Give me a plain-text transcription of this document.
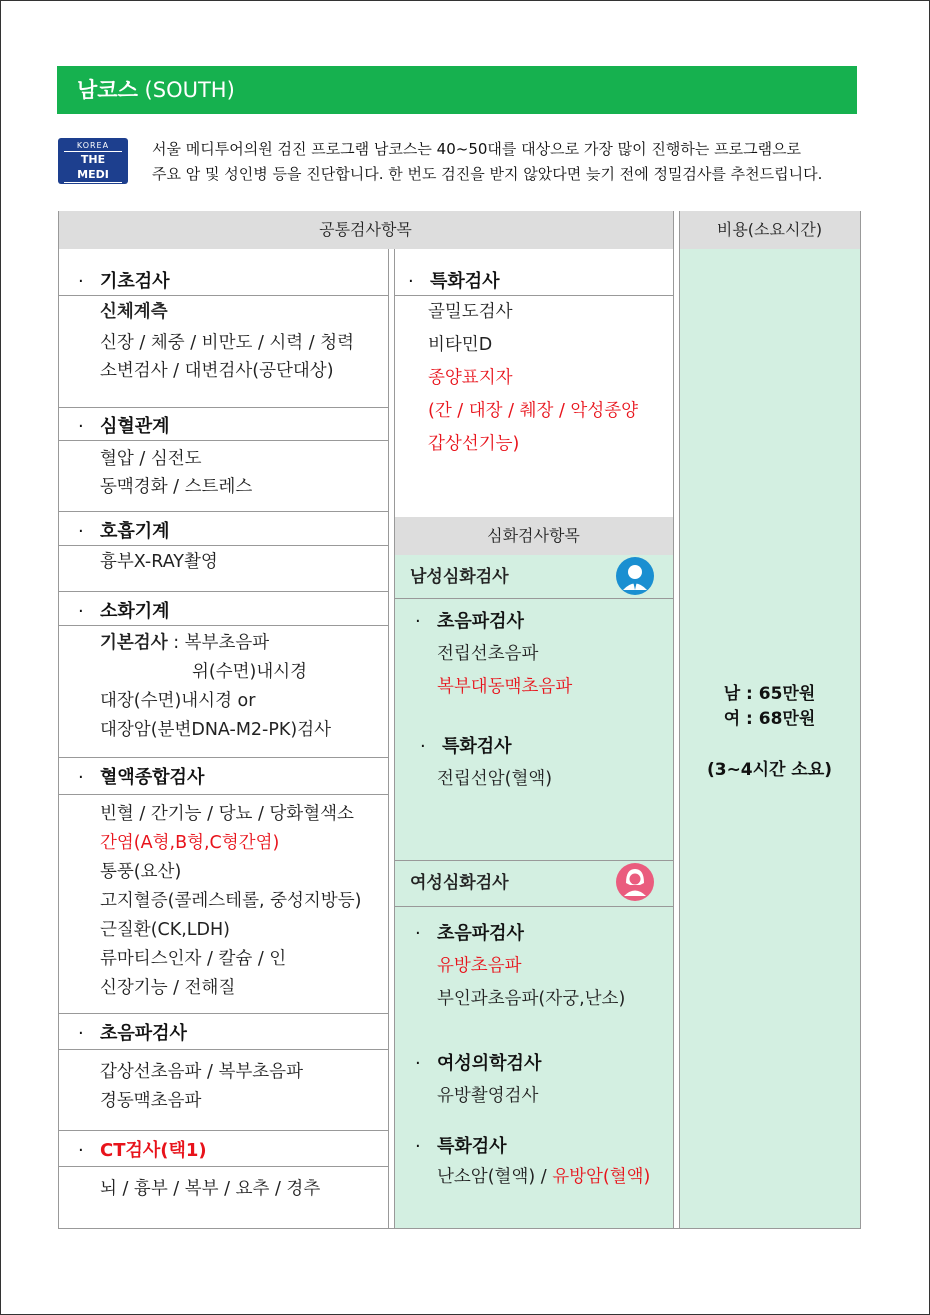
남코스 (SOUTH)
KOREA
THE MEDI
TOUR
서울 메디투어의원 검진 프로그램 남코스는 40~50대를 대상으로 가장 많이 진행하는 프로그램으로
주요 암 및 성인병 등을 진단합니다. 한 번도 검진을 받지 않았다면 늦기 전에 정밀검사를 추천드립니다.
공통검사항목	비용(소요시간)
심화검사항목
· 기초검사
신체계측
신장 / 체중 / 비만도 / 시력 / 청력
소변검사 / 대변검사(공단대상)
· 심혈관계
혈압 / 심전도
동맥경화 / 스트레스
· 호흡기계
흉부X-RAY촬영
· 소화기계
기본검사 : 복부초음파
위(수면)내시경
대장(수면)내시경 or
대장암(분변DNA-M2-PK)검사
· 혈액종합검사
빈혈 / 간기능 / 당뇨 / 당화혈색소
간염(A형,B형,C형간염)
통풍(요산)
고지혈증(콜레스테롤, 중성지방등)
근질환(CK,LDH)
류마티스인자 / 칼슘 / 인
신장기능 / 전해질
· 초음파검사
갑상선초음파 / 복부초음파
경동맥초음파
· CT검사(택1)
뇌 / 흉부 / 복부 / 요추 / 경추
· 특화검사
골밀도검사
비타민D
종양표지자
(간 / 대장 / 췌장 / 악성종양
갑상선기능)
남성심화검사
· 초음파검사
전립선초음파
복부대동맥초음파
· 특화검사
전립선암(혈액)
여성심화검사
· 초음파검사
유방초음파
부인과초음파(자궁,난소)
· 여성의학검사
유방촬영검사
· 특화검사
난소암(혈액) / 유방암(혈액)
남 : 65만원
여 : 68만원
(3~4시간 소요)
